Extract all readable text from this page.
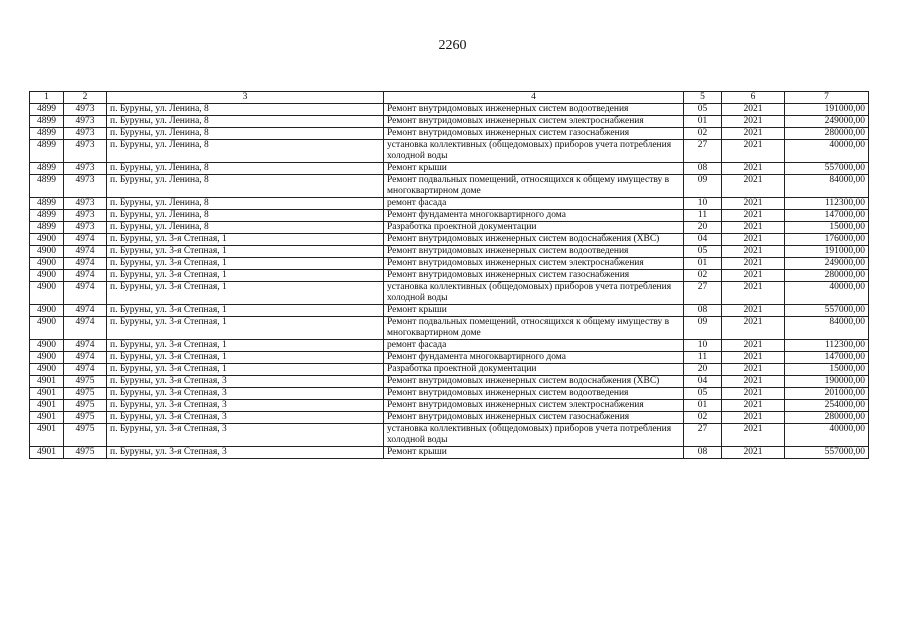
2260
1	2	3	4	5	6	7
4899	4973	п. Буруны, ул. Ленина, 8	Ремонт внутридомовых инженерных систем водоотведения	05	2021	191000,00
4899	4973	п. Буруны, ул. Ленина, 8	Ремонт внутридомовых инженерных систем электроснабжения	01	2021	249000,00
4899	4973	п. Буруны, ул. Ленина, 8	Ремонт внутридомовых инженерных систем газоснабжения	02	2021	280000,00
4899	4973	п. Буруны, ул. Ленина, 8	установка коллективных (общедомовых) приборов учета потребления холодной воды	27	2021	40000,00
4899	4973	п. Буруны, ул. Ленина, 8	Ремонт крыши	08	2021	557000,00
4899	4973	п. Буруны, ул. Ленина, 8	Ремонт подвальных помещений, относящихся к общему имуществу в многоквартирном доме	09	2021	84000,00
4899	4973	п. Буруны, ул. Ленина, 8	ремонт фасада	10	2021	112300,00
4899	4973	п. Буруны, ул. Ленина, 8	Ремонт фундамента многоквартирного дома	11	2021	147000,00
4899	4973	п. Буруны, ул. Ленина, 8	Разработка проектной документации	20	2021	15000,00
4900	4974	п. Буруны, ул. 3-я Степная, 1	Ремонт внутридомовых инженерных систем водоснабжения (ХВС)	04	2021	176000,00
4900	4974	п. Буруны, ул. 3-я Степная, 1	Ремонт внутридомовых инженерных систем водоотведения	05	2021	191000,00
4900	4974	п. Буруны, ул. 3-я Степная, 1	Ремонт внутридомовых инженерных систем электроснабжения	01	2021	249000,00
4900	4974	п. Буруны, ул. 3-я Степная, 1	Ремонт внутридомовых инженерных систем газоснабжения	02	2021	280000,00
4900	4974	п. Буруны, ул. 3-я Степная, 1	установка коллективных (общедомовых) приборов учета потребления холодной воды	27	2021	40000,00
4900	4974	п. Буруны, ул. 3-я Степная, 1	Ремонт крыши	08	2021	557000,00
4900	4974	п. Буруны, ул. 3-я Степная, 1	Ремонт подвальных помещений, относящихся к общему имуществу в многоквартирном доме	09	2021	84000,00
4900	4974	п. Буруны, ул. 3-я Степная, 1	ремонт фасада	10	2021	112300,00
4900	4974	п. Буруны, ул. 3-я Степная, 1	Ремонт фундамента многоквартирного дома	11	2021	147000,00
4900	4974	п. Буруны, ул. 3-я Степная, 1	Разработка проектной документации	20	2021	15000,00
4901	4975	п. Буруны, ул. 3-я Степная, 3	Ремонт внутридомовых инженерных систем водоснабжения (ХВС)	04	2021	190000,00
4901	4975	п. Буруны, ул. 3-я Степная, 3	Ремонт внутридомовых инженерных систем водоотведения	05	2021	201000,00
4901	4975	п. Буруны, ул. 3-я Степная, 3	Ремонт внутридомовых инженерных систем электроснабжения	01	2021	254000,00
4901	4975	п. Буруны, ул. 3-я Степная, 3	Ремонт внутридомовых инженерных систем газоснабжения	02	2021	280000,00
4901	4975	п. Буруны, ул. 3-я Степная, 3	установка коллективных (общедомовых) приборов учета потребления холодной воды	27	2021	40000,00
4901	4975	п. Буруны, ул. 3-я Степная, 3	Ремонт крыши	08	2021	557000,00
